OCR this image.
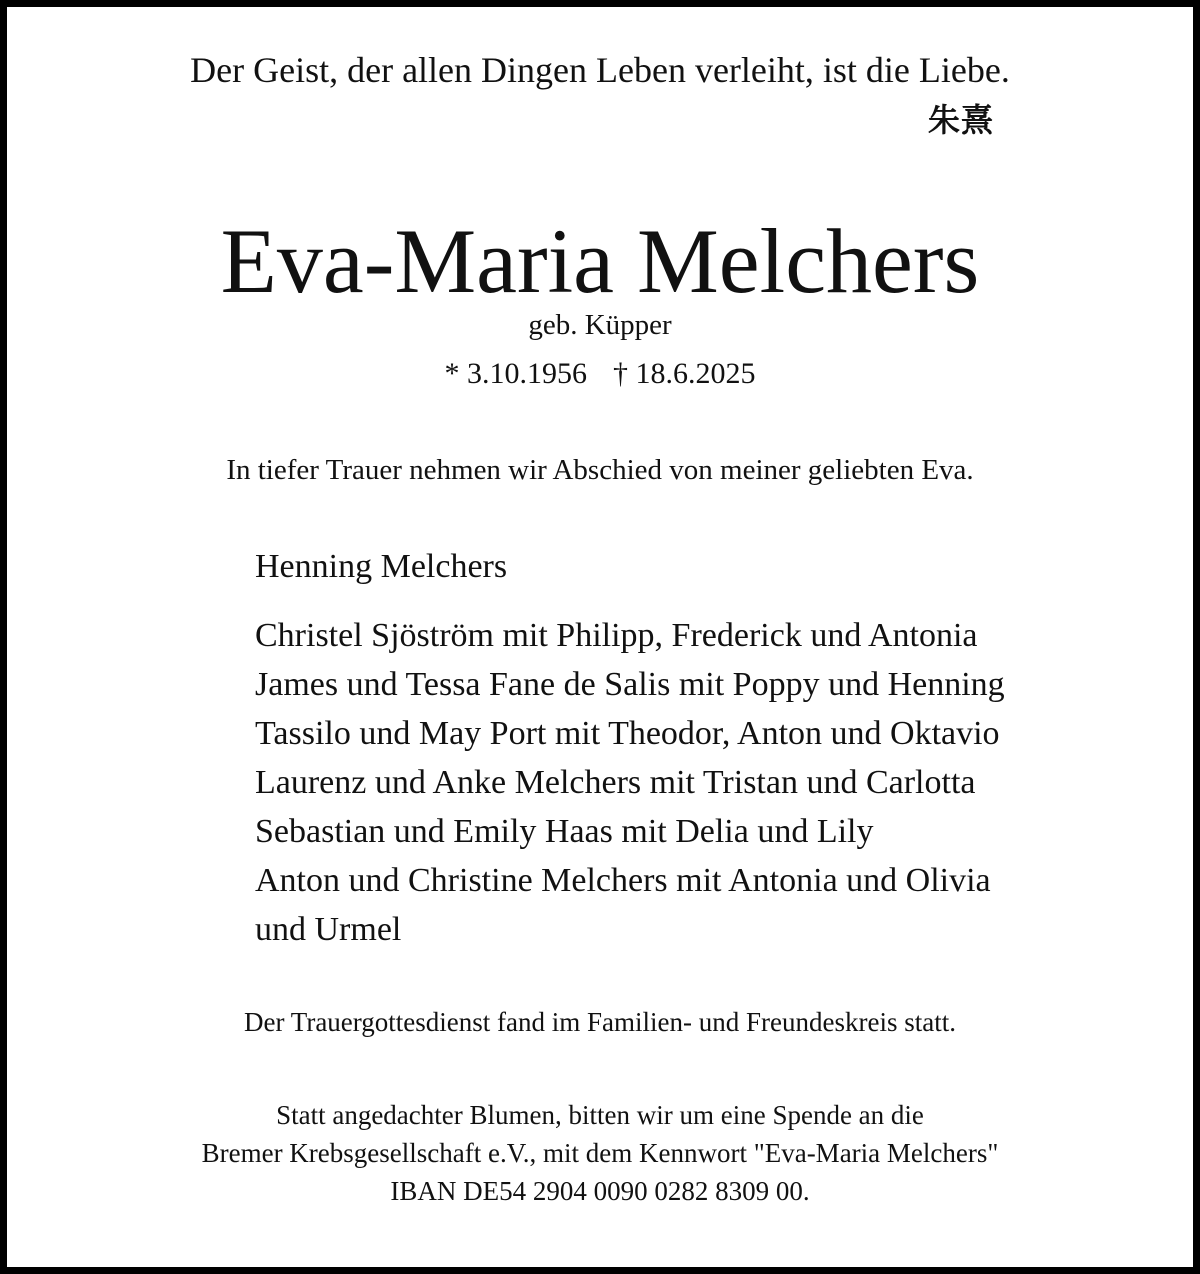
Der Geist, der allen Dingen Leben verleiht, ist die Liebe.
朱熹
Eva-Maria Melchers
geb. Küpper
* 3.10.1956 † 18.6.2025
In tiefer Trauer nehmen wir Abschied von meiner geliebten Eva.
Henning Melchers
Christel Sjöström mit Philipp, Frederick und Antonia
James und Tessa Fane de Salis mit Poppy und Henning
Tassilo und May Port mit Theodor, Anton und Oktavio
Laurenz und Anke Melchers mit Tristan und Carlotta
Sebastian und Emily Haas mit Delia und Lily
Anton und Christine Melchers mit Antonia und Olivia
und Urmel
Der Trauergottesdienst fand im Familien- und Freundeskreis statt.
Statt angedachter Blumen, bitten wir um eine Spende an die
Bremer Krebsgesellschaft e.V., mit dem Kennwort "Eva-Maria Melchers"
IBAN DE54 2904 0090 0282 8309 00.
